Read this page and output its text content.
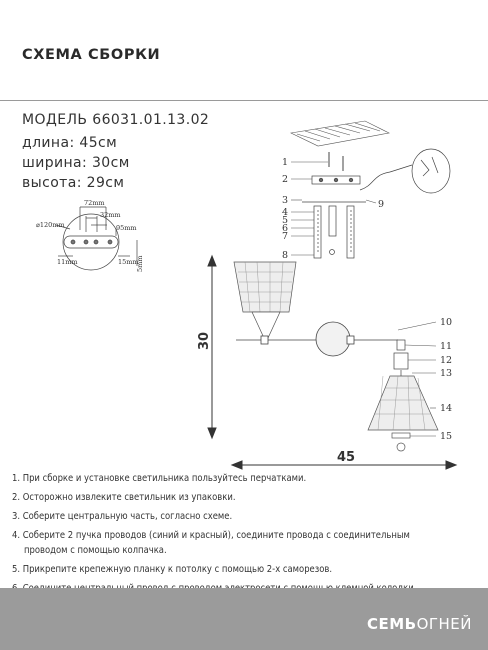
СХЕМА СБОРКИ
МОДЕЛЬ 66031.01.13.02
длина: 45см
ширина: 30см
высота: 29см
72mm
32mm
95mm
⌀120mm
11mm	15mm
5mm
30
45
1
2
3
4
5
6
7
8
9
10
11
12
13
14
15
1. При сборке и установке светильника пользуйтесь перчатками.
2. Осторожно извлеките светильник из упаковки.
3. Соберите центральную часть, согласно схеме.
4. Соберите 2 пучка проводов (синий и красный), соедините провода с соединительным
проводом с помощью колпачка.
5. Прикрепите крепежную планку к потолку с помощью 2-х саморезов.
СЕМЬОГНЕЙ
